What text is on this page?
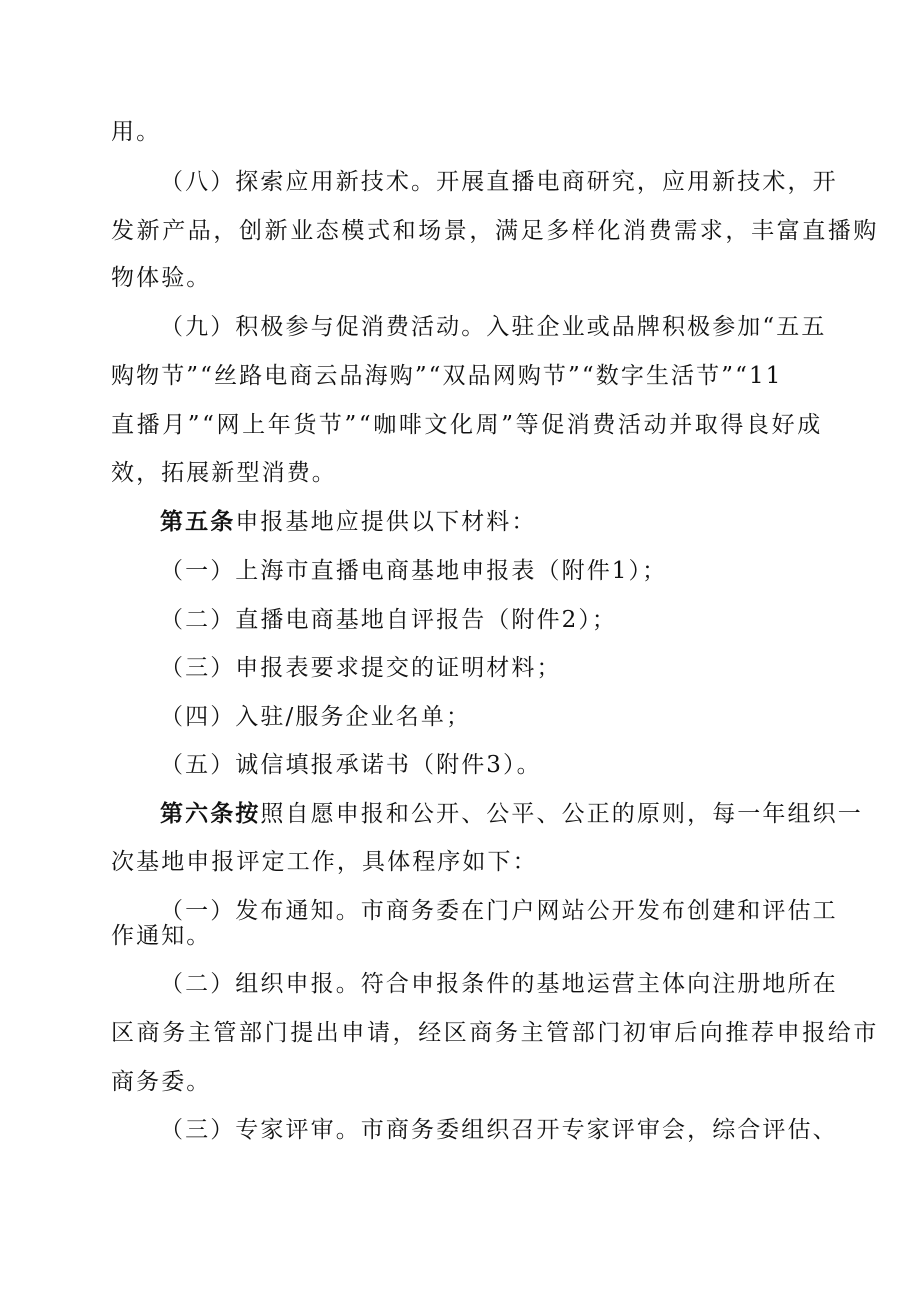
用。
（八）探索应用新技术。开展直播电商研究，应用新技术，开
发新产品，创新业态模式和场景，满足多样化消费需求，丰富直播购
物体验。
（九）积极参与促消费活动。入驻企业或品牌积极参加“五五
购物节”“丝路电商云品海购”“双品网购节”“数字生活节”“11
直播月”“网上年货节”“咖啡文化周”等促消费活动并取得良好成
效，拓展新型消费。
第五条申报基地应提供以下材料：
（一）上海市直播电商基地申报表（附件1）；
（二）直播电商基地自评报告（附件2）；
（三）申报表要求提交的证明材料；
（四）入驻/服务企业名单；
（五）诚信填报承诺书（附件3）。
第六条按照自愿申报和公开、公平、公正的原则，每一年组织一
次基地申报评定工作，具体程序如下：
（一）发布通知。市商务委在门户网站公开发布创建和评估工
作通知。
（二）组织申报。符合申报条件的基地运营主体向注册地所在
区商务主管部门提出申请，经区商务主管部门初审后向推荐申报给市
商务委。
（三）专家评审。市商务委组织召开专家评审会，综合评估、
